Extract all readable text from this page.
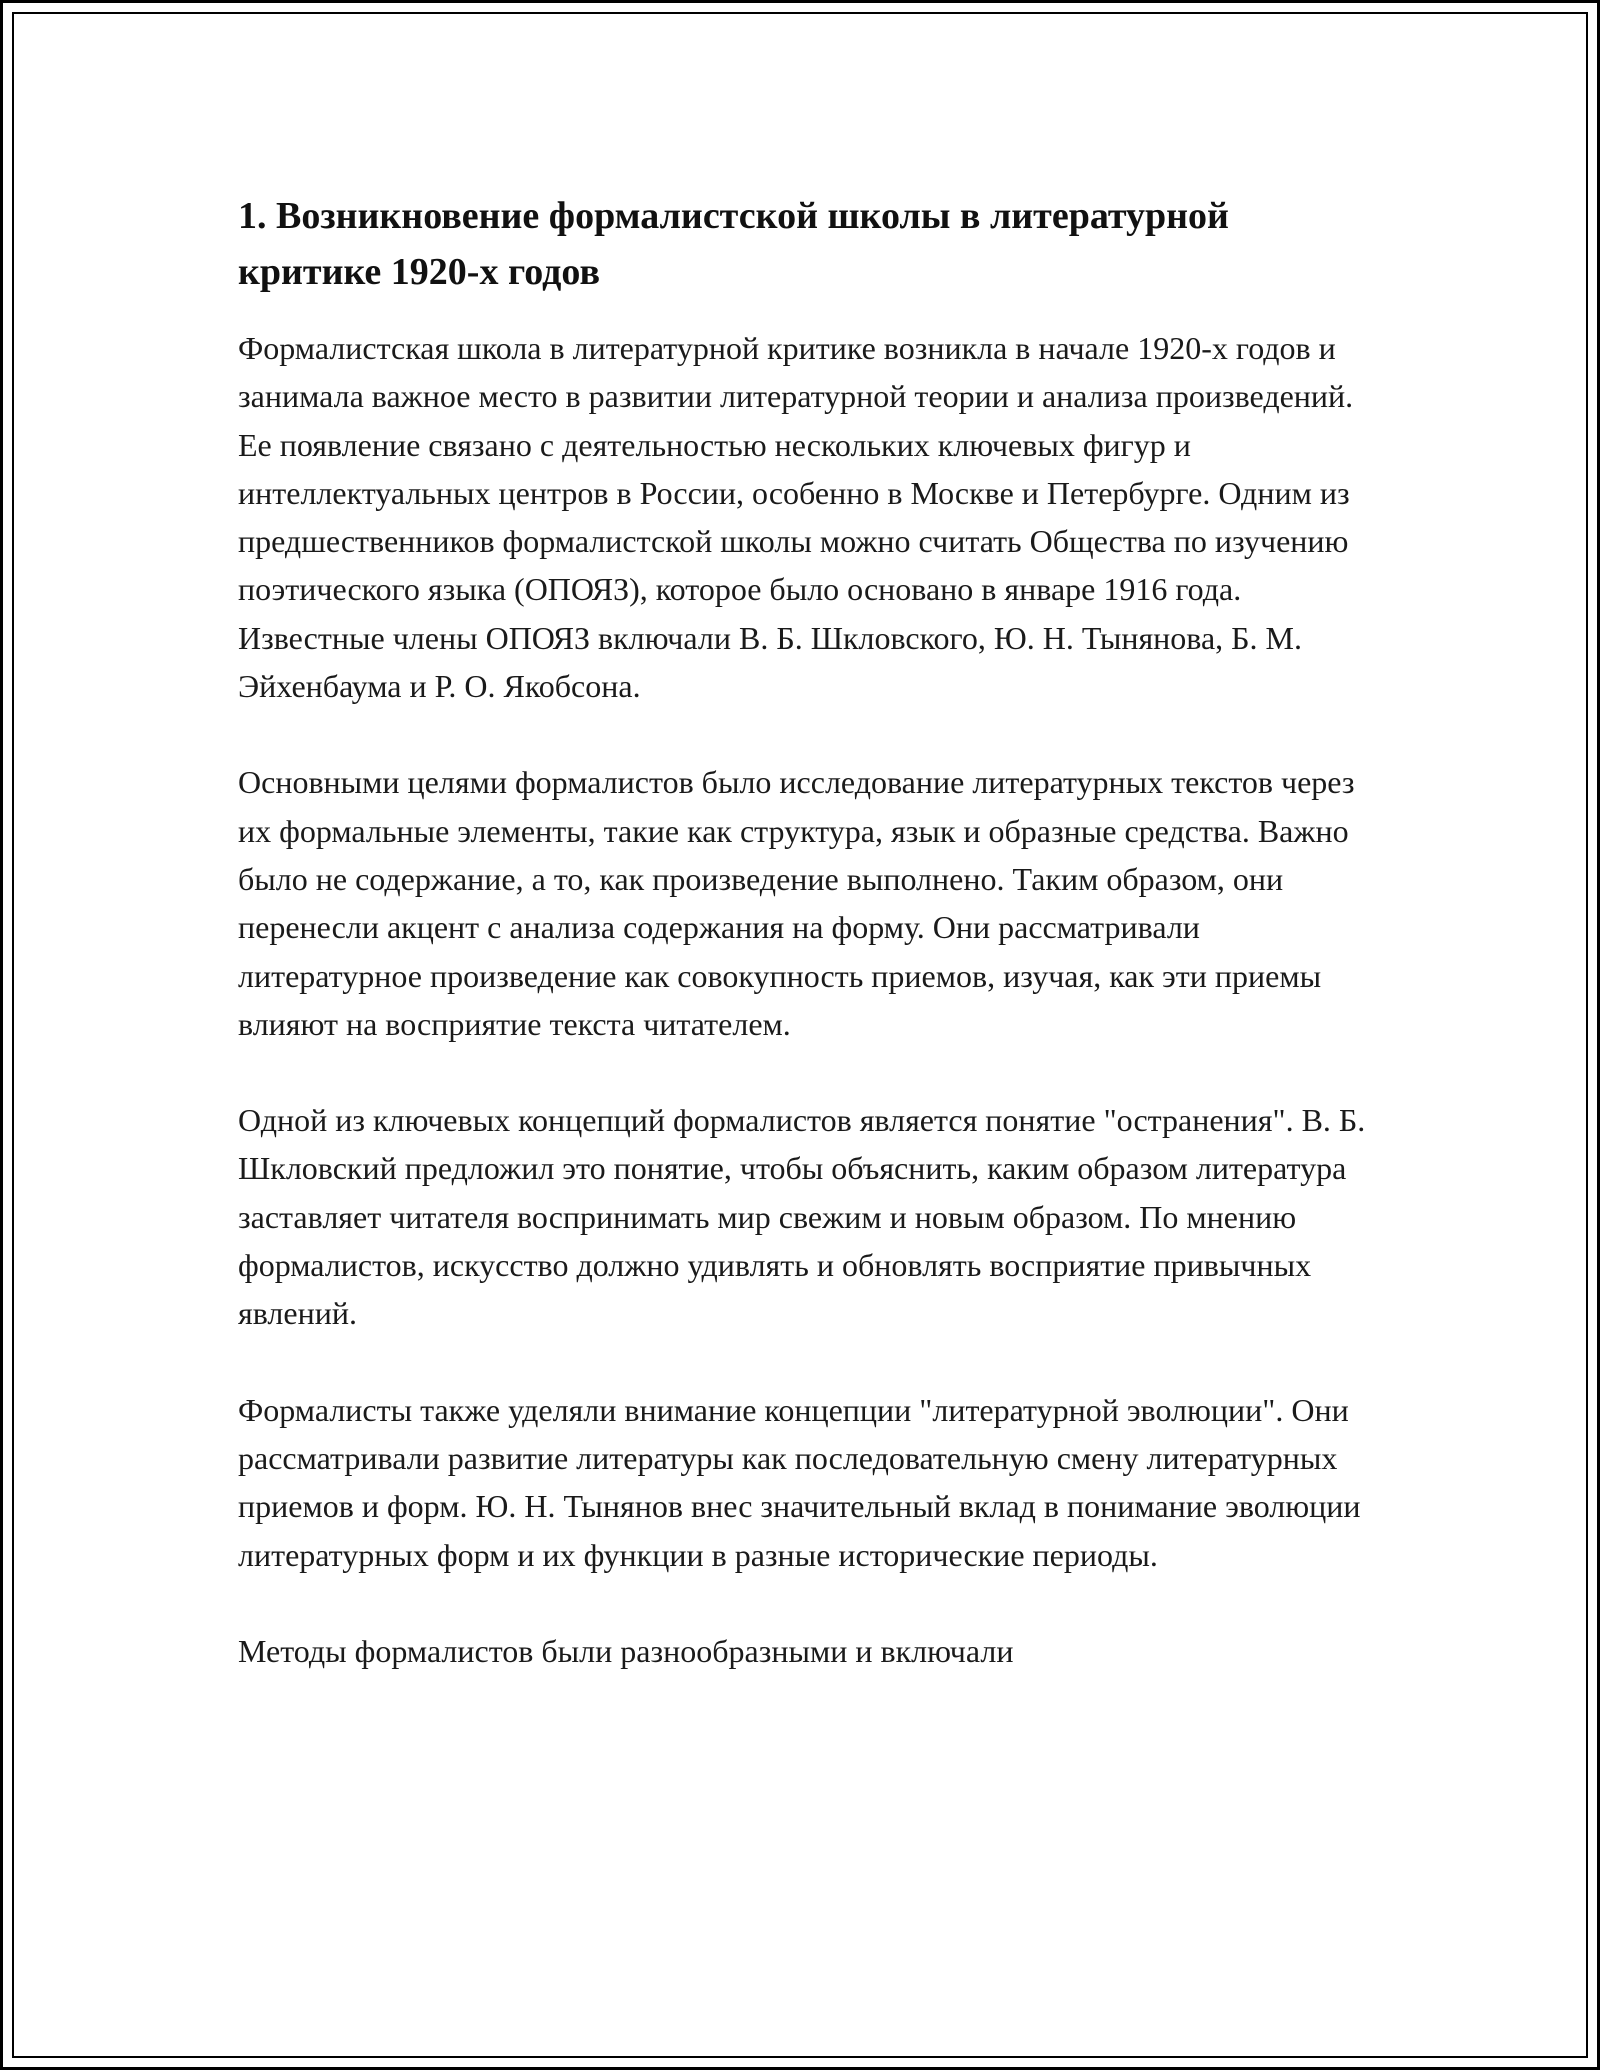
1. Возникновение формалистской школы в литературной критике 1920-х годов

Формалистская школа в литературной критике возникла в начале 1920-х годов и занимала важное место в развитии литературной теории и анализа произведений. Ее появление связано с деятельностью нескольких ключевых фигур и интеллектуальных центров в России, особенно в Москве и Петербурге. Одним из предшественников формалистской школы можно считать Общества по изучению поэтического языка (ОПОЯЗ), которое было основано в январе 1916 года. Известные члены ОПОЯЗ включали В. Б. Шкловского, Ю. Н. Тынянова, Б. М. Эйхенбаума и Р. О. Якобсона.

Основными целями формалистов было исследование литературных текстов через их формальные элементы, такие как структура, язык и образные средства. Важно было не содержание, а то, как произведение выполнено. Таким образом, они перенесли акцент с анализа содержания на форму. Они рассматривали литературное произведение как совокупность приемов, изучая, как эти приемы влияют на восприятие текста читателем.

Одной из ключевых концепций формалистов является понятие "остранения". В. Б. Шкловский предложил это понятие, чтобы объяснить, каким образом литература заставляет читателя воспринимать мир свежим и новым образом. По мнению формалистов, искусство должно удивлять и обновлять восприятие привычных явлений.

Формалисты также уделяли внимание концепции "литературной эволюции". Они рассматривали развитие литературы как последовательную смену литературных приемов и форм. Ю. Н. Тынянов внес значительный вклад в понимание эволюции литературных форм и их функции в разные исторические периоды.

Методы формалистов были разнообразными и включали
